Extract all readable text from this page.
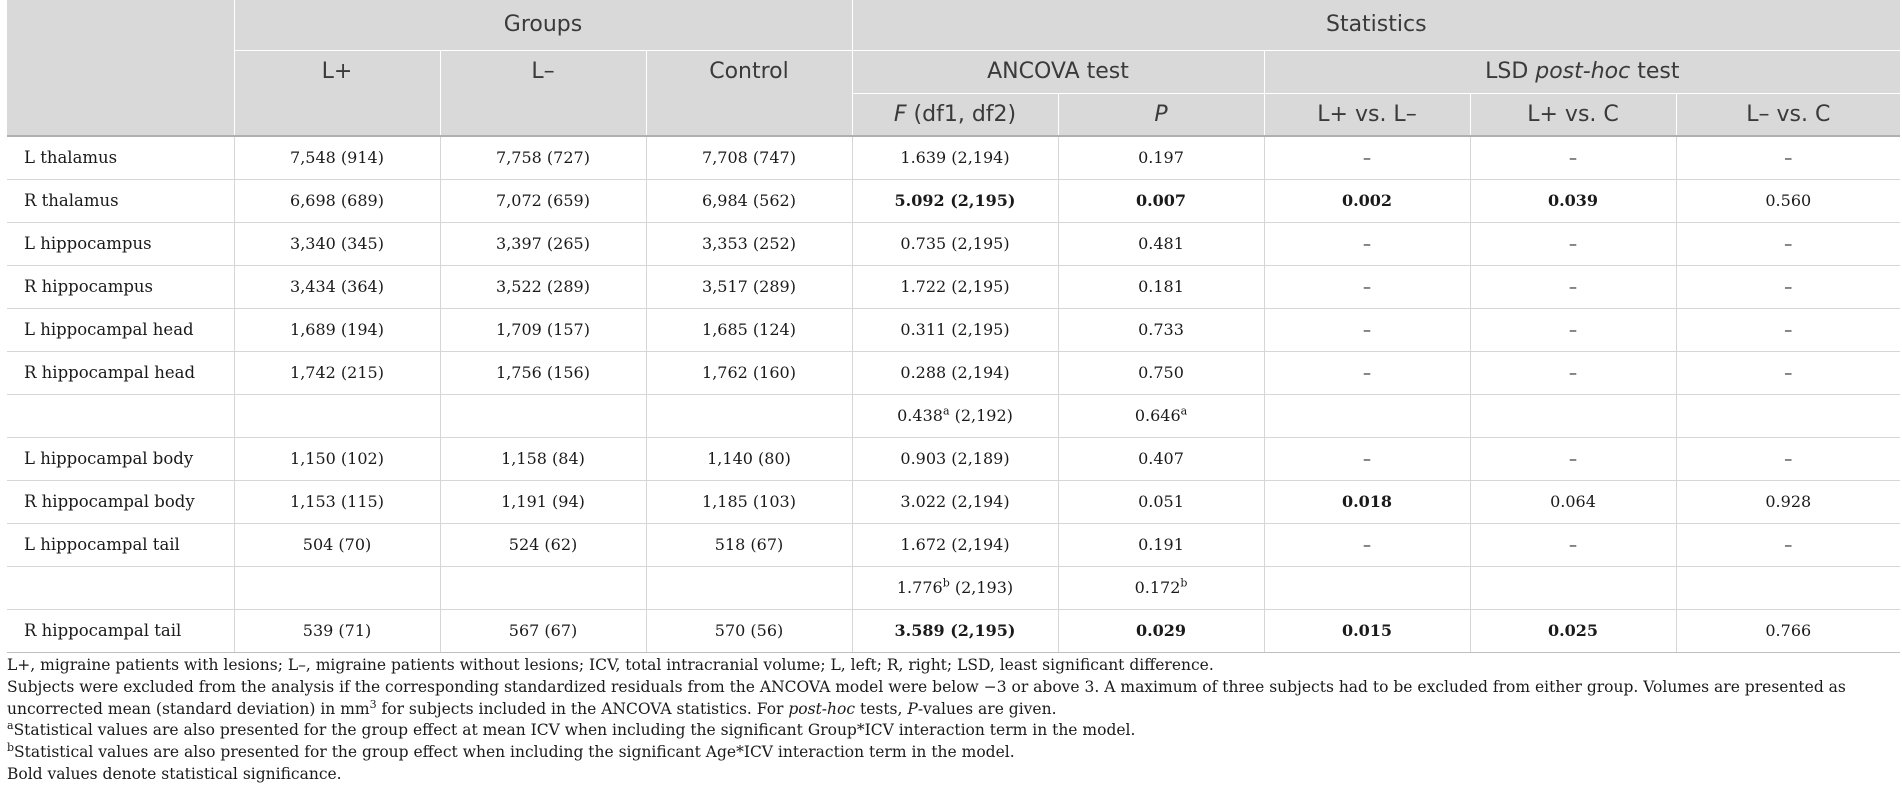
	Groups			Statistics				
	L+	L–	Control	ANCOVA test		LSD post-hoc test		
				F (df1, df2)	P	L+ vs. L–	L+ vs. C	L– vs. C
L thalamus	7,548 (914)	7,758 (727)	7,708 (747)	1.639 (2,194)	0.197	–	–	–
R thalamus	6,698 (689)	7,072 (659)	6,984 (562)	5.092 (2,195)	0.007	0.002	0.039	0.560
L hippocampus	3,340 (345)	3,397 (265)	3,353 (252)	0.735 (2,195)	0.481	–	–	–
R hippocampus	3,434 (364)	3,522 (289)	3,517 (289)	1.722 (2,195)	0.181	–	–	–
L hippocampal head	1,689 (194)	1,709 (157)	1,685 (124)	0.311 (2,195)	0.733	–	–	–
R hippocampal head	1,742 (215)	1,756 (156)	1,762 (160)	0.288 (2,194)	0.750	–	–	–
				0.438$^a$ (2,192)	0.646$^a$			
L hippocampal body	1,150 (102)	1,158 (84)	1,140 (80)	0.903 (2,189)	0.407	–	–	–
R hippocampal body	1,153 (115)	1,191 (94)	1,185 (103)	3.022 (2,194)	0.051	0.018	0.064	0.928
L hippocampal tail	504 (70)	524 (62)	518 (67)	1.672 (2,194)	0.191	–	–	–
				1.776$^b$ (2,193)	0.172$^b$			
R hippocampal tail	539 (71)	567 (67)	570 (56)	3.589 (2,195)	0.029	0.015	0.025	0.766

L+, migraine patients with lesions; L–, migraine patients without lesions; ICV, total intracranial volume; L, left; R, right; LSD, least significant difference.

Subjects were excluded from the analysis if the corresponding standardized residuals from the ANCOVA model were below −3 or above 3. A maximum of three subjects had to be excluded from either group. Volumes are presented as uncorrected mean (standard deviation) in $mm^3$ for subjects included in the ANCOVA statistics. For post-hoc tests, P-values are given.

$^a$Statistical values are also presented for the group effect at mean ICV when including the significant Group*ICV interaction term in the model.

$^b$Statistical values are also presented for the group effect when including the significant Age*ICV interaction term in the model.

Bold values denote statistical significance.
